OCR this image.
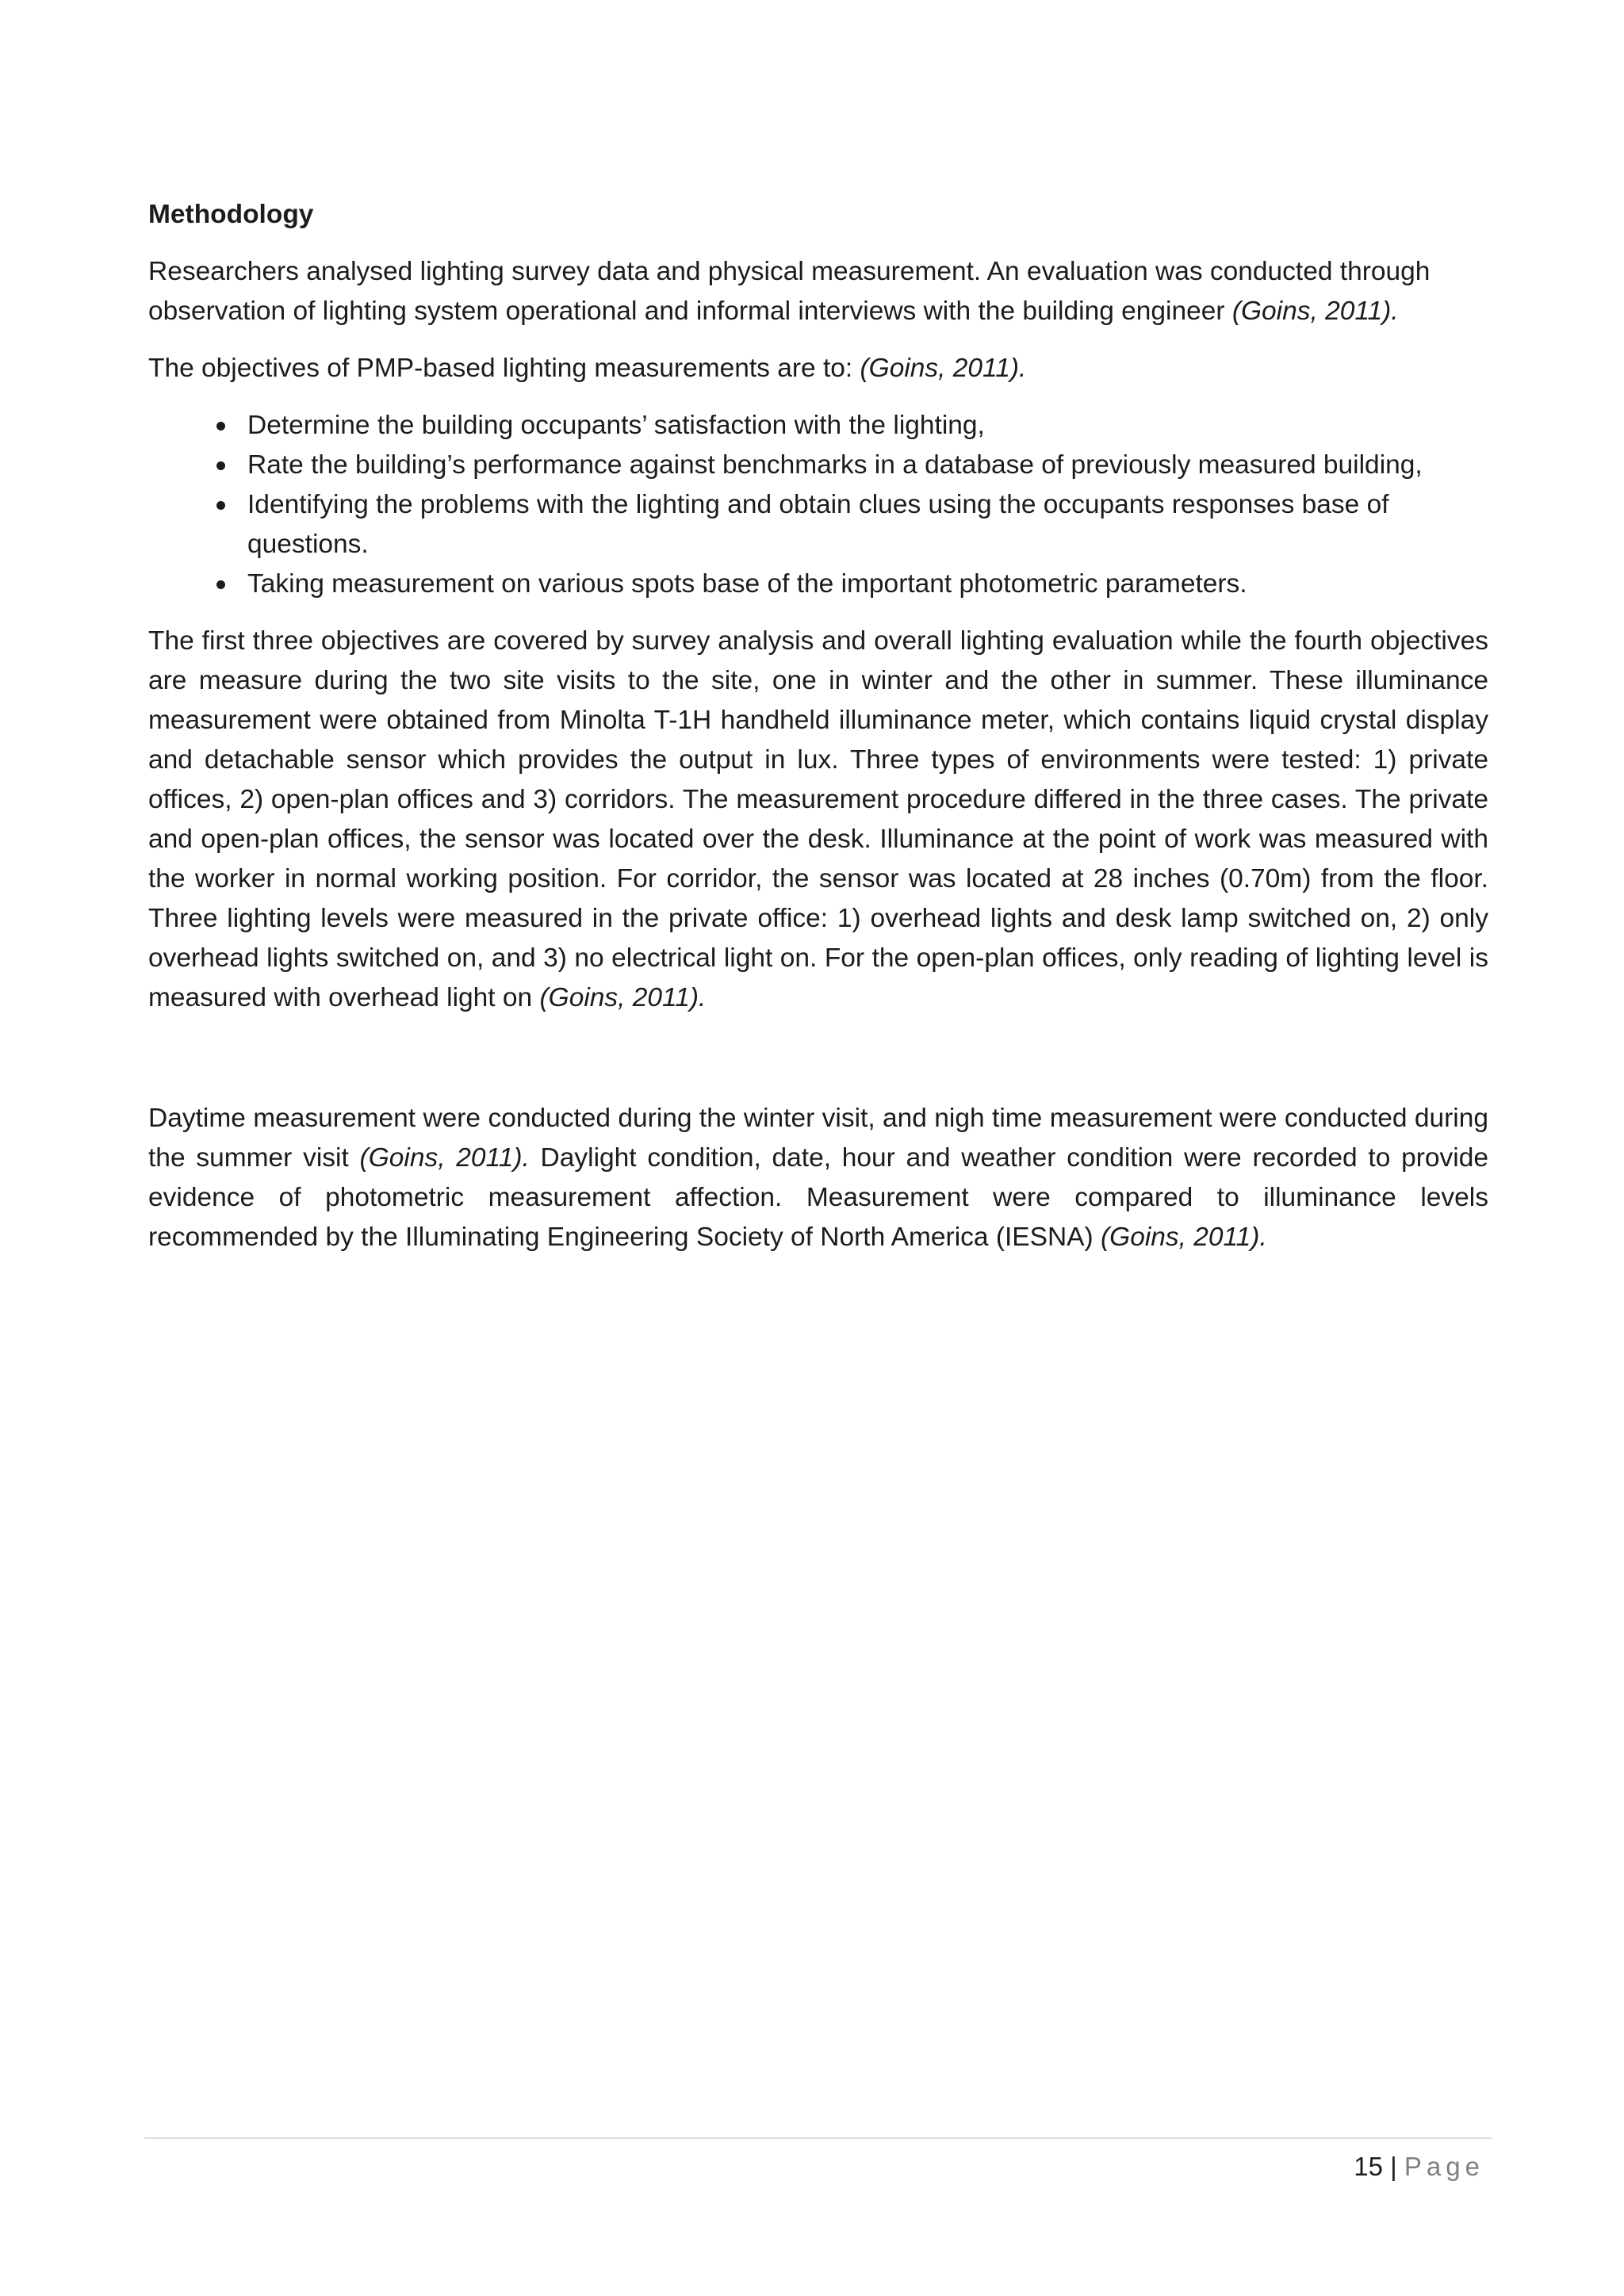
Methodology

Researchers analysed lighting survey data and physical measurement. An evaluation was conducted through observation of lighting system operational and informal interviews with the building engineer (Goins, 2011).

The objectives of PMP-based lighting measurements are to: (Goins, 2011).

Determine the building occupants’ satisfaction with the lighting,
Rate the building’s performance against benchmarks in a database of previously measured building,
Identifying the problems with the lighting and obtain clues using the occupants responses base of questions.
Taking measurement on various spots base of the important photometric parameters.

The first three objectives are covered by survey analysis and overall lighting evaluation while the fourth objectives are measure during the two site visits to the site, one in winter and the other in summer. These illuminance measurement were obtained from Minolta T-1H handheld illuminance meter, which contains liquid crystal display and detachable sensor which provides the output in lux. Three types of environments were tested: 1) private offices, 2) open-plan offices and 3) corridors. The measurement procedure differed in the three cases. The private and open-plan offices, the sensor was located over the desk. Illuminance at the point of work was measured with the worker in normal working position. For corridor, the sensor was located at 28 inches (0.70m) from the floor. Three lighting levels were measured in the private office: 1) overhead lights and desk lamp switched on, 2) only overhead lights switched on, and 3) no electrical light on. For the open-plan offices, only reading of lighting level is measured with overhead light on (Goins, 2011).

Daytime measurement were conducted during the winter visit, and nigh time measurement were conducted during the summer visit (Goins, 2011). Daylight condition, date, hour and weather condition were recorded to provide evidence of photometric measurement affection. Measurement were compared to illuminance levels recommended by the Illuminating Engineering Society of North America (IESNA) (Goins, 2011).

15 | Page
